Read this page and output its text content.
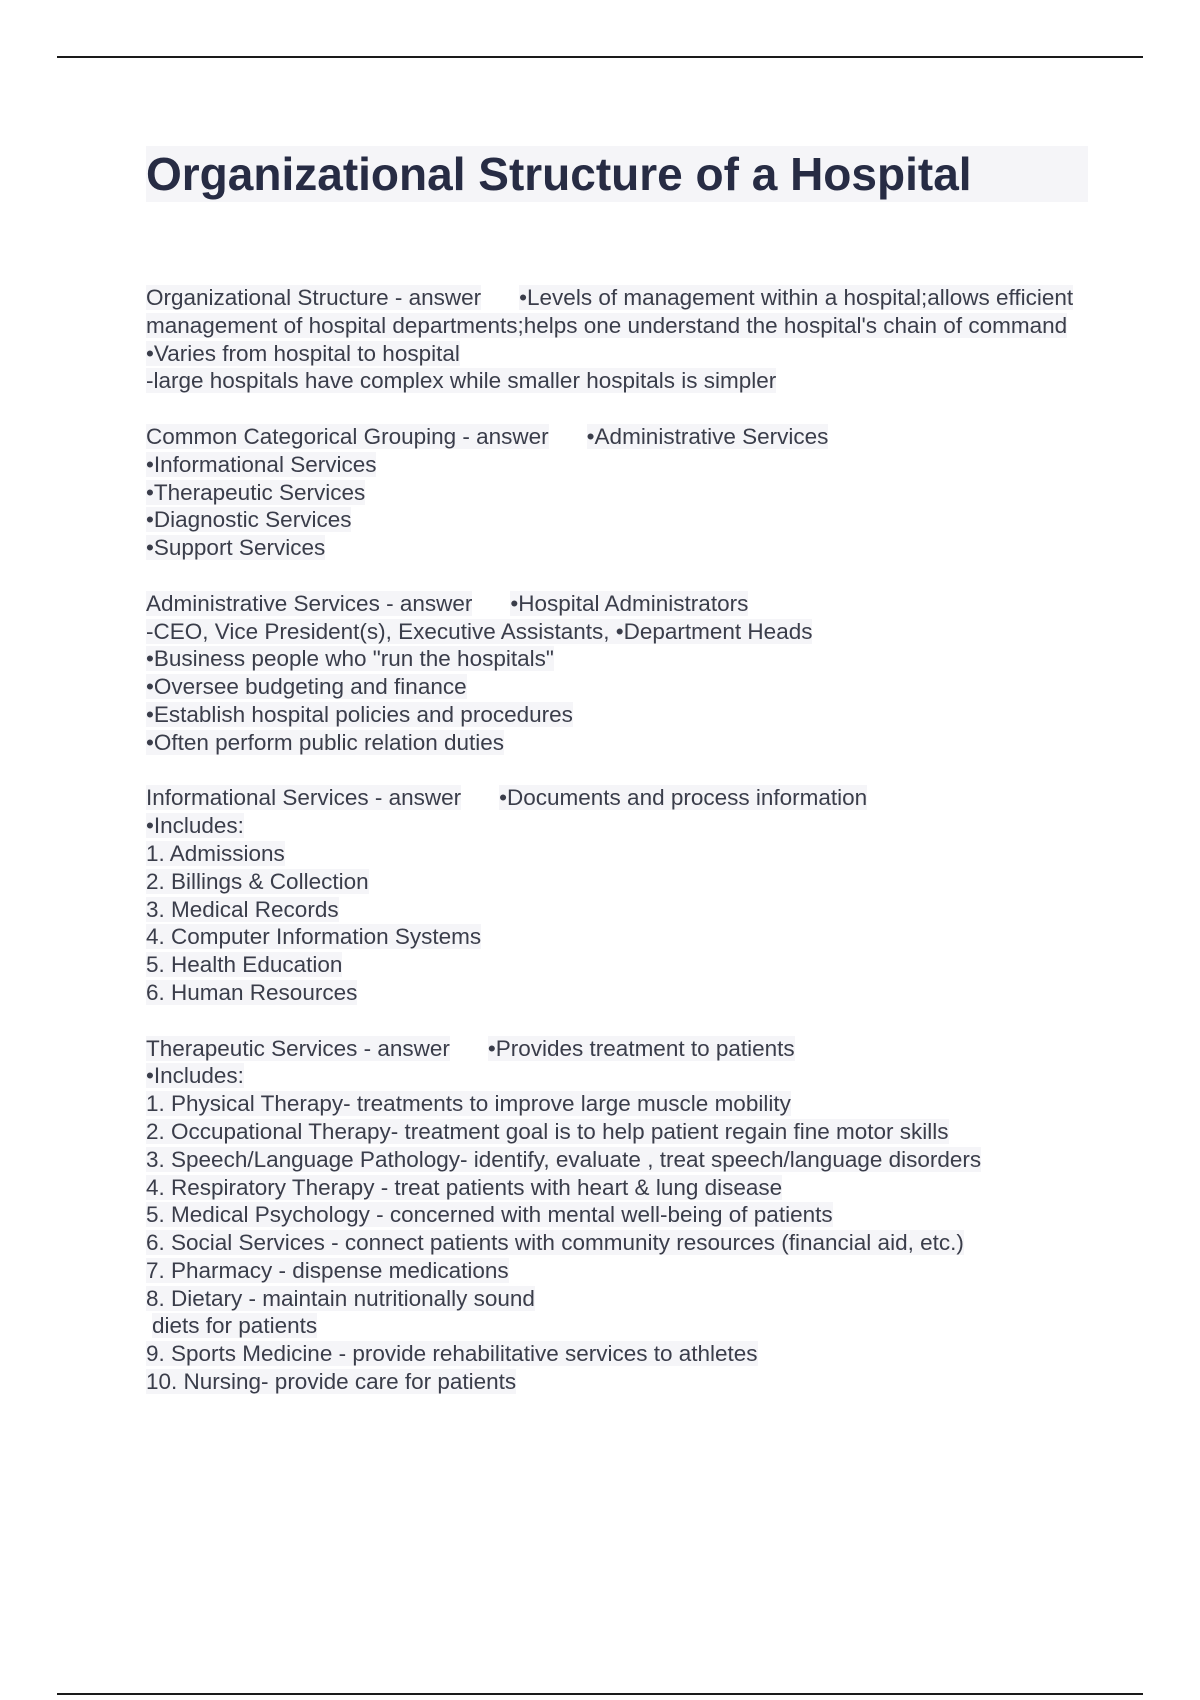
Organizational Structure of a Hospital
Organizational Structure - answer •Levels of management within a hospital;allows efficient management of hospital departments;helps one understand the hospital's chain of command
•Varies from hospital to hospital
-large hospitals have complex while smaller hospitals is simpler
Common Categorical Grouping - answer •Administrative Services
•Informational Services
•Therapeutic Services
•Diagnostic Services
•Support Services
Administrative Services - answer •Hospital Administrators
-CEO, Vice President(s), Executive Assistants, •Department Heads
•Business people who "run the hospitals"
•Oversee budgeting and finance
•Establish hospital policies and procedures
•Often perform public relation duties
Informational Services - answer •Documents and process information
•Includes:
1. Admissions
2. Billings & Collection
3. Medical Records
4. Computer Information Systems
5. Health Education
6. Human Resources
Therapeutic Services - answer •Provides treatment to patients
•Includes:
1. Physical Therapy- treatments to improve large muscle mobility
2. Occupational Therapy- treatment goal is to help patient regain fine motor skills
3. Speech/Language Pathology- identify, evaluate , treat speech/language disorders
4. Respiratory Therapy - treat patients with heart & lung disease
5. Medical Psychology - concerned with mental well-being of patients
6. Social Services - connect patients with community resources (financial aid, etc.)
7. Pharmacy - dispense medications
8. Dietary - maintain nutritionally sound
diets for patients
9. Sports Medicine - provide rehabilitative services to athletes
10. Nursing- provide care for patients
